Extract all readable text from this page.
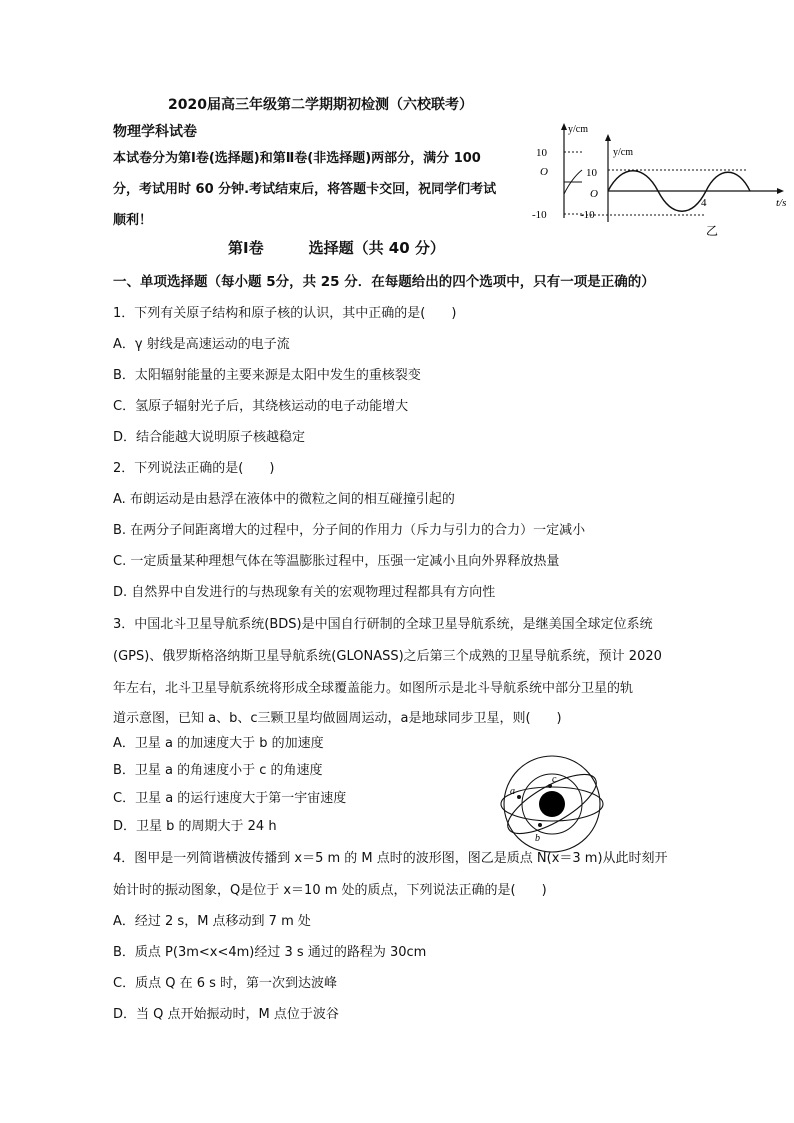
2020届高三年级第二学期期初检测（六校联考）
物理学科试卷
本试卷分为第Ⅰ卷(选择题)和第Ⅱ卷(非选择题)两部分，满分 100
分，考试用时 60 分钟.考试结束后，将答题卡交回，祝同学们考试
顺利！
y/cm
10
O
-10
y/cm
10
O
-10
4	t/s
乙
第Ⅰ卷　　　选择题（共 40 分）
一、单项选择题（每小题 5分，共 25 分．在每题给出的四个选项中，只有一项是正确的）
1．下列有关原子结构和原子核的认识，其中正确的是(　　)
A．γ 射线是高速运动的电子流
B．太阳辐射能量的主要来源是太阳中发生的重核裂变
C．氢原子辐射光子后，其绕核运动的电子动能增大
D．结合能越大说明原子核越稳定
2．下列说法正确的是(　　)
A. 布朗运动是由悬浮在液体中的微粒之间的相互碰撞引起的
B. 在两分子间距离增大的过程中，分子间的作用力（斥力与引力的合力）一定减小
C. 一定质量某种理想气体在等温膨胀过程中，压强一定减小且向外界释放热量
D. 自然界中自发进行的与热现象有关的宏观物理过程都具有方向性
3．中国北斗卫星导航系统(BDS)是中国自行研制的全球卫星导航系统，是继美国全球定位系统
(GPS)、俄罗斯格洛纳斯卫星导航系统(GLONASS)之后第三个成熟的卫星导航系统，预计 2020
年左右，北斗卫星导航系统将形成全球覆盖能力。如图所示是北斗导航系统中部分卫星的轨
道示意图，已知 a、b、c三颗卫星均做圆周运动，a是地球同步卫星，则(　　)
A．卫星 a 的加速度大于 b 的加速度
B．卫星 a 的角速度小于 c 的角速度
C．卫星 a 的运行速度大于第一宇宙速度
D．卫星 b 的周期大于 24 h
a
b
c
4．图甲是一列简谐横波传播到 x＝5 m 的 M 点时的波形图，图乙是质点 N(x＝3 m)从此时刻开
始计时的振动图象，Q是位于 x＝10 m 处的质点，下列说法正确的是(　　)
A．经过 2 s，M 点移动到 7 m 处
B．质点 P(3m<x<4m)经过 3 s 通过的路程为 30cm
C．质点 Q 在 6 s 时，第一次到达波峰
D．当 Q 点开始振动时，M 点位于波谷
